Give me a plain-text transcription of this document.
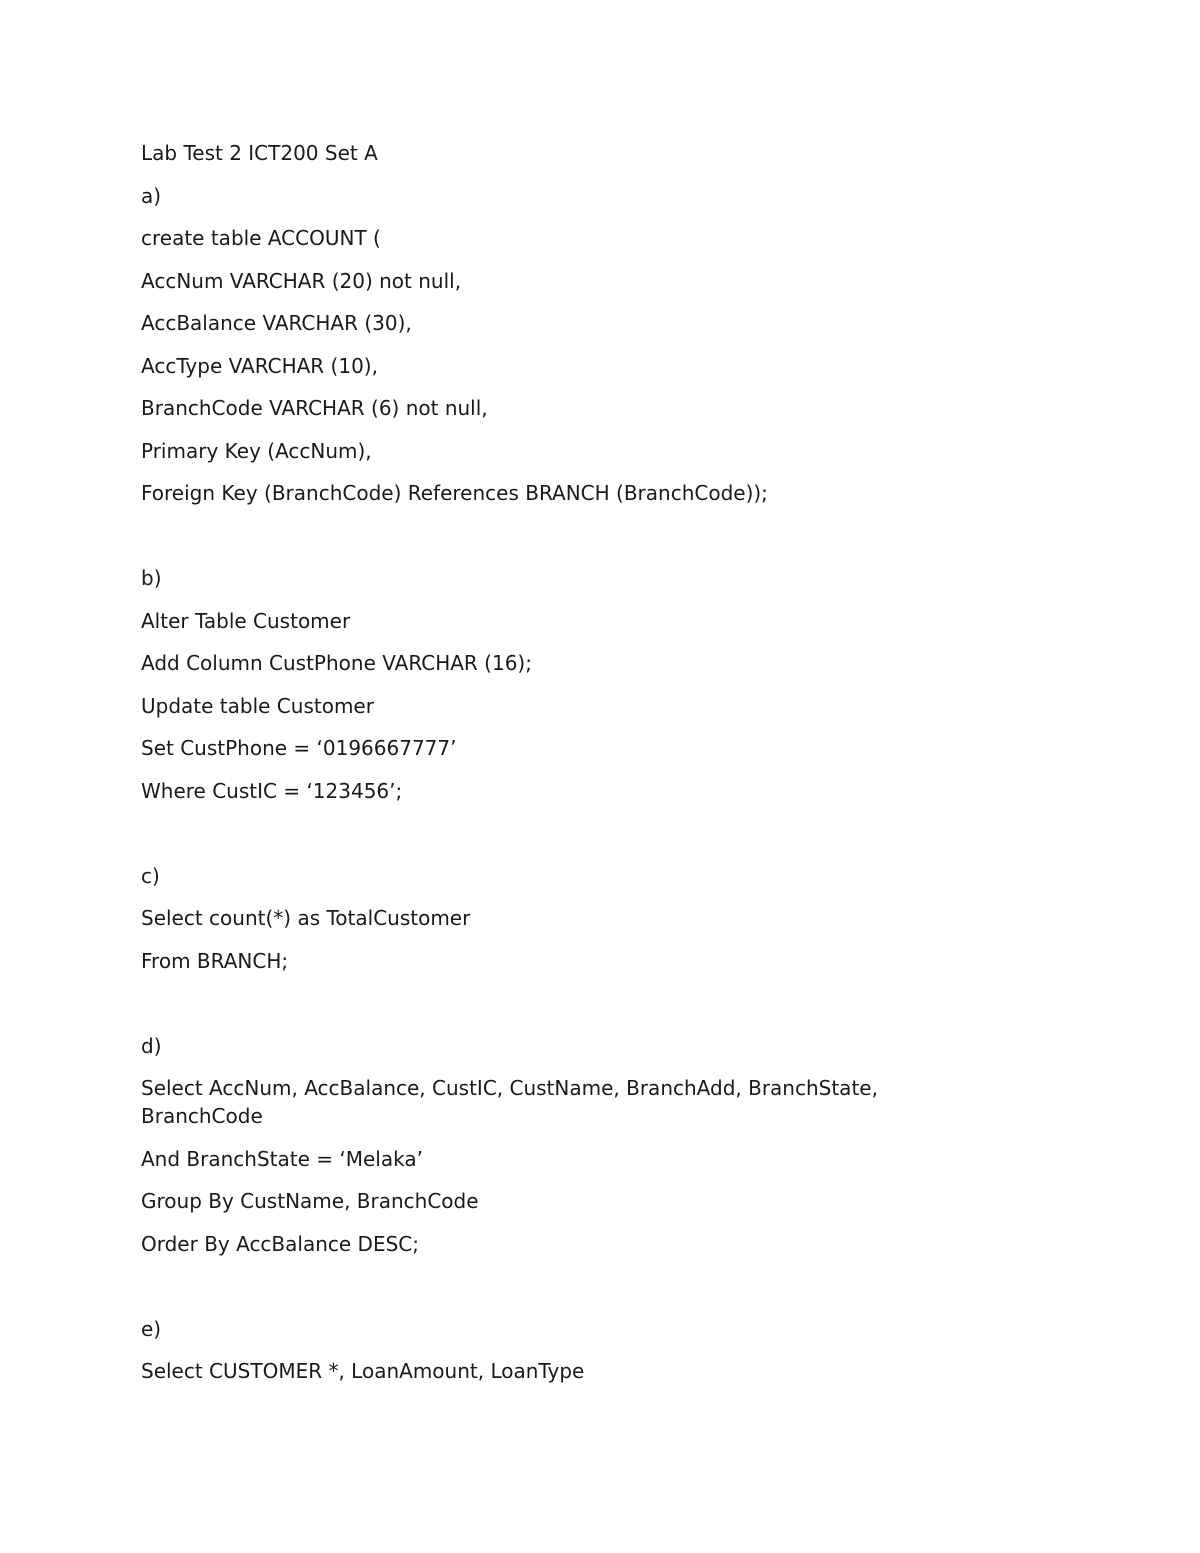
Lab Test 2 ICT200 Set A
a)
create table ACCOUNT (
AccNum VARCHAR (20) not null,
AccBalance VARCHAR (30),
AccType VARCHAR (10),
BranchCode VARCHAR (6) not null,
Primary Key (AccNum),
Foreign Key (BranchCode) References BRANCH (BranchCode));
b)
Alter Table Customer
Add Column CustPhone VARCHAR (16);
Update table Customer
Set CustPhone = ‘0196667777’
Where CustIC = ‘123456’;
c)
Select count(*) as TotalCustomer
From BRANCH;
d)
Select AccNum, AccBalance, CustIC, CustName, BranchAdd, BranchState, BranchCode
And BranchState = ‘Melaka’
Group By CustName, BranchCode
Order By AccBalance DESC;
e)
Select CUSTOMER *, LoanAmount, LoanType
